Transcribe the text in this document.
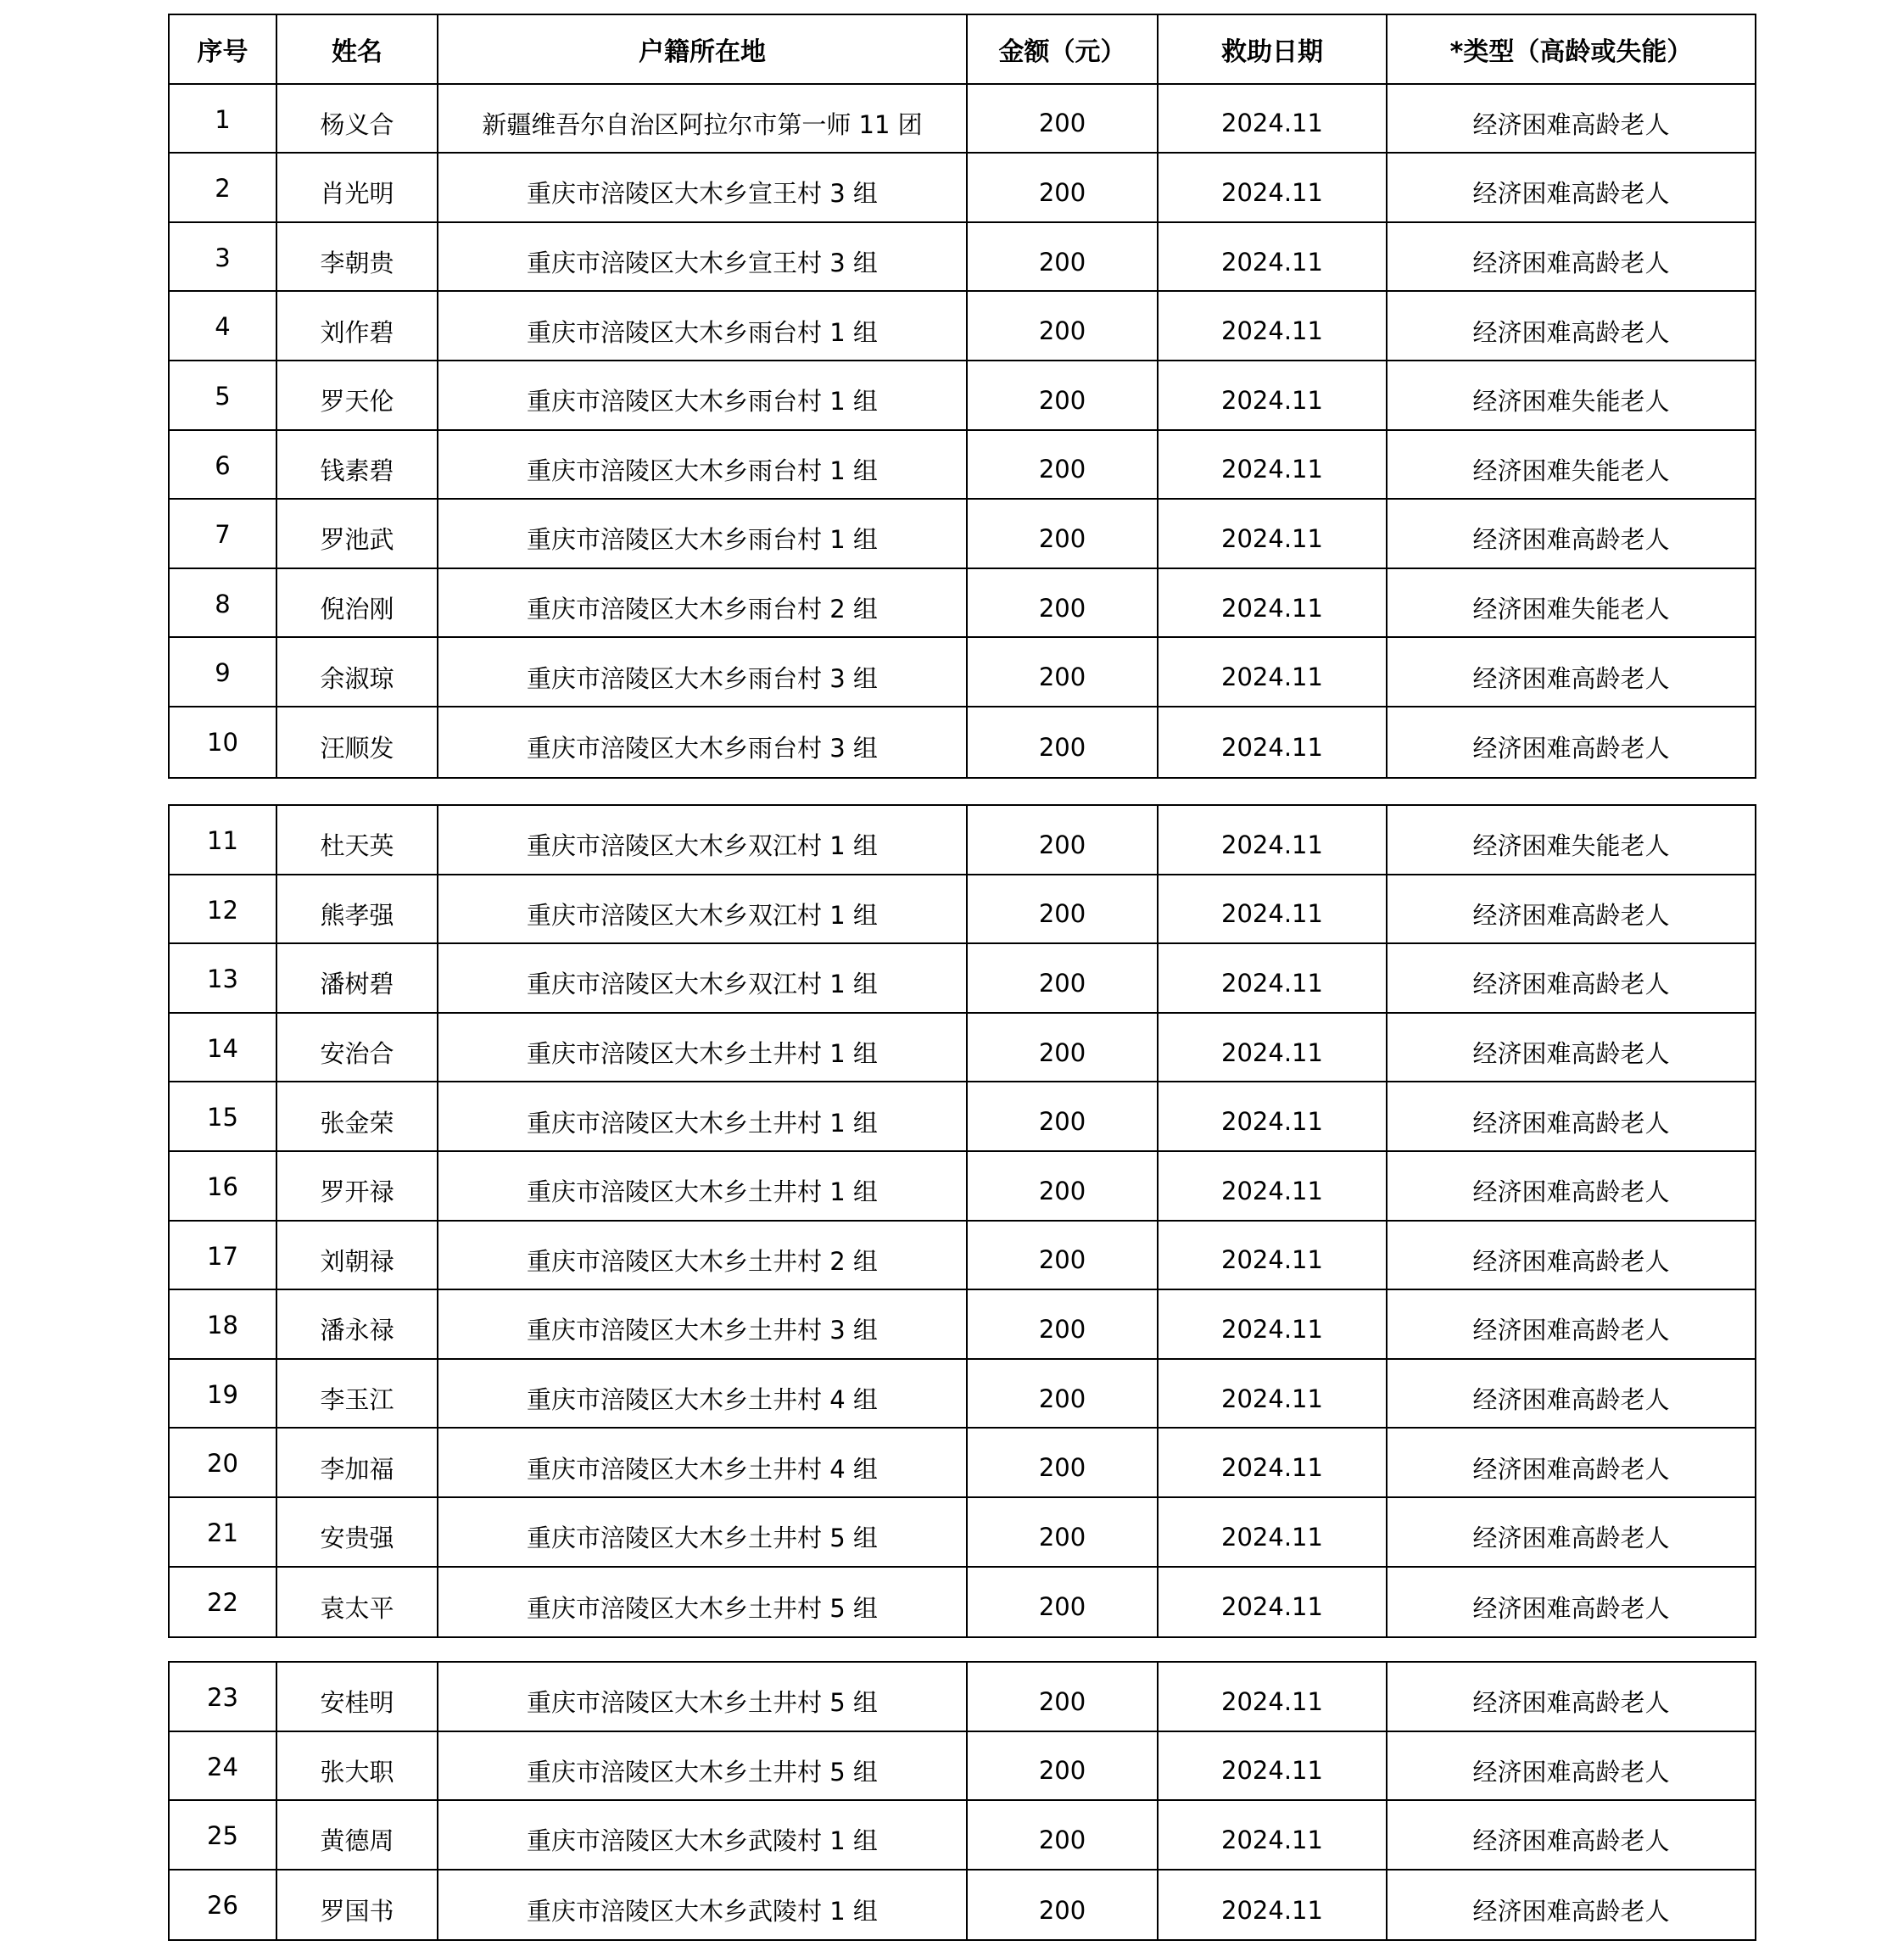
序号	姓名	户籍所在地	金额（元）	救助日期	*类型（高龄或失能）
1	杨义合	新疆维吾尔自治区阿拉尔市第一师 11 团	200	2024.11	经济困难高龄老人
2	肖光明	重庆市涪陵区大木乡宣王村 3 组	200	2024.11	经济困难高龄老人
3	李朝贵	重庆市涪陵区大木乡宣王村 3 组	200	2024.11	经济困难高龄老人
4	刘作碧	重庆市涪陵区大木乡雨台村 1 组	200	2024.11	经济困难高龄老人
5	罗天伦	重庆市涪陵区大木乡雨台村 1 组	200	2024.11	经济困难失能老人
6	钱素碧	重庆市涪陵区大木乡雨台村 1 组	200	2024.11	经济困难失能老人
7	罗池武	重庆市涪陵区大木乡雨台村 1 组	200	2024.11	经济困难高龄老人
8	倪治刚	重庆市涪陵区大木乡雨台村 2 组	200	2024.11	经济困难失能老人
9	余淑琼	重庆市涪陵区大木乡雨台村 3 组	200	2024.11	经济困难高龄老人
10	汪顺发	重庆市涪陵区大木乡雨台村 3 组	200	2024.11	经济困难高龄老人
11	杜天英	重庆市涪陵区大木乡双江村 1 组	200	2024.11	经济困难失能老人
12	熊孝强	重庆市涪陵区大木乡双江村 1 组	200	2024.11	经济困难高龄老人
13	潘树碧	重庆市涪陵区大木乡双江村 1 组	200	2024.11	经济困难高龄老人
14	安治合	重庆市涪陵区大木乡土井村 1 组	200	2024.11	经济困难高龄老人
15	张金荣	重庆市涪陵区大木乡土井村 1 组	200	2024.11	经济困难高龄老人
16	罗开禄	重庆市涪陵区大木乡土井村 1 组	200	2024.11	经济困难高龄老人
17	刘朝禄	重庆市涪陵区大木乡土井村 2 组	200	2024.11	经济困难高龄老人
18	潘永禄	重庆市涪陵区大木乡土井村 3 组	200	2024.11	经济困难高龄老人
19	李玉江	重庆市涪陵区大木乡土井村 4 组	200	2024.11	经济困难高龄老人
20	李加福	重庆市涪陵区大木乡土井村 4 组	200	2024.11	经济困难高龄老人
21	安贵强	重庆市涪陵区大木乡土井村 5 组	200	2024.11	经济困难高龄老人
22	袁太平	重庆市涪陵区大木乡土井村 5 组	200	2024.11	经济困难高龄老人
23	安桂明	重庆市涪陵区大木乡土井村 5 组	200	2024.11	经济困难高龄老人
24	张大职	重庆市涪陵区大木乡土井村 5 组	200	2024.11	经济困难高龄老人
25	黄德周	重庆市涪陵区大木乡武陵村 1 组	200	2024.11	经济困难高龄老人
26	罗国书	重庆市涪陵区大木乡武陵村 1 组	200	2024.11	经济困难高龄老人
